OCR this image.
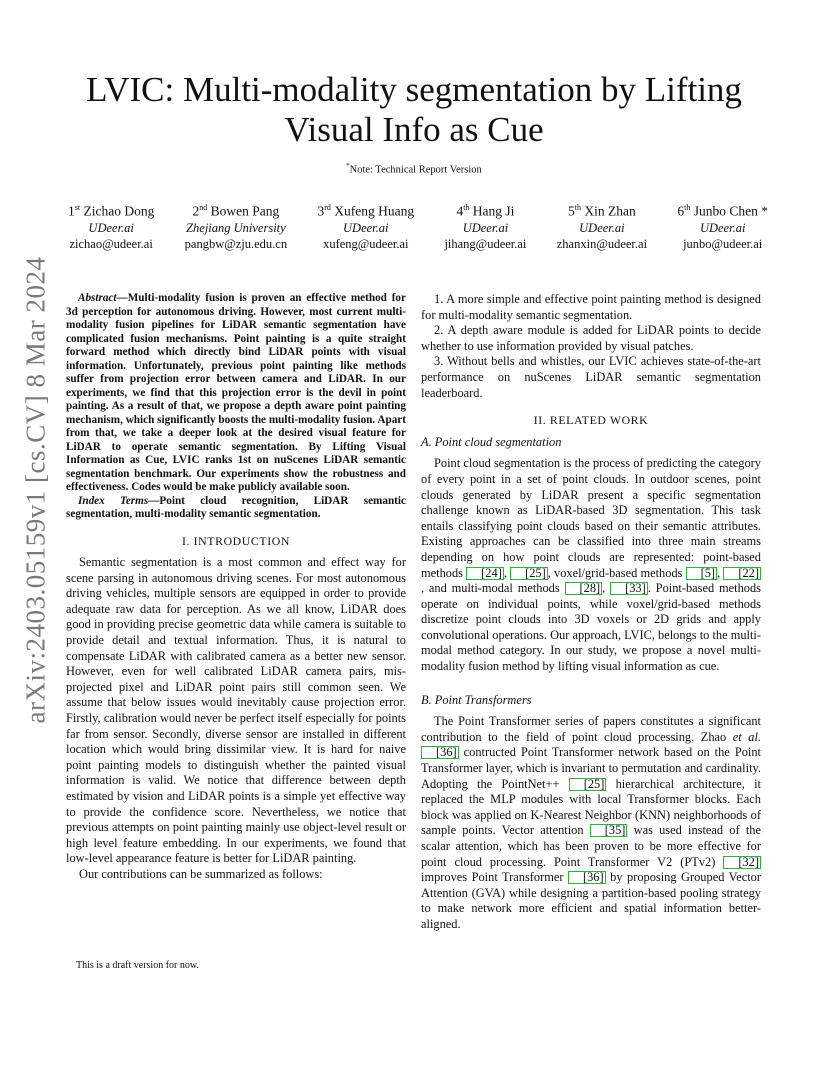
arXiv:2403.05159v1 [cs.CV] 8 Mar 2024
LVIC: Multi-modality segmentation by Lifting
Visual Info as Cue
*Note: Technical Report Version
1st Zichao Dong
UDeer.ai
zichao@udeer.ai
2nd Bowen Pang
Zhejiang University
pangbw@zju.edu.cn
3rd Xufeng Huang
UDeer.ai
xufeng@udeer.ai
4th Hang Ji
UDeer.ai
jihang@udeer.ai
5th Xin Zhan
UDeer.ai
zhanxin@udeer.ai
6th Junbo Chen *
UDeer.ai
junbo@udeer.ai

Abstract—Multi-modality fusion is proven an effective method for 3d perception for autonomous driving. However, most current multi-modality fusion pipelines for LiDAR semantic segmentation have complicated fusion mechanisms. Point painting is a quite straight forward method which directly bind LiDAR points with visual information. Unfortunately, previous point painting like methods suffer from projection error between camera and LiDAR. In our experiments, we find that this projection error is the devil in point painting. As a result of that, we propose a depth aware point painting mechanism, which significantly boosts the multi-modality fusion. Apart from that, we take a deeper look at the desired visual feature for LiDAR to operate semantic segmentation. By Lifting Visual Information as Cue, LVIC ranks 1st on nuScenes LiDAR semantic segmentation benchmark. Our experiments show the robustness and effectiveness. Codes would be make publicly available soon.

Index Terms—Point cloud recognition, LiDAR semantic segmentation, multi-modality semantic segmentation.

I. INTRODUCTION

Semantic segmentation is a most common and effect way for scene parsing in autonomous driving scenes. For most autonomous driving vehicles, multiple sensors are equipped in order to provide adequate raw data for perception. As we all know, LiDAR does good in providing precise geometric data while camera is suitable to provide detail and textual information. Thus, it is natural to compensate LiDAR with calibrated camera as a better new sensor. However, even for well calibrated LiDAR camera pairs, mis-projected pixel and LiDAR point pairs still common seen. We assume that below issues would inevitably cause projection error. Firstly, calibration would never be perfect itself especially for points far from sensor. Secondly, diverse sensor are installed in different location which would bring dissimilar view. It is hard for naive point painting models to distinguish whether the painted visual information is valid. We notice that difference between depth estimated by vision and LiDAR points is a simple yet effective way to provide the confidence score. Nevertheless, we notice that previous attempts on point painting mainly use object-level result or high level feature embedding. In our experiments, we found that low-level appearance feature is better for LiDAR painting.

Our contributions can be summarized as follows:

This is a draft version for now.

1. A more simple and effective point painting method is designed for multi-modality semantic segmentation.

2. A depth aware module is added for LiDAR points to decide whether to use information provided by visual patches.

3. Without bells and whistles, our LVIC achieves state-of-the-art performance on nuScenes LiDAR semantic segmentation leaderboard.

II. RELATED WORK
A. Point cloud segmentation

Point cloud segmentation is the process of predicting the category of every point in a set of point clouds. In outdoor scenes, point clouds generated by LiDAR present a specific segmentation challenge known as LiDAR-based 3D segmentation. This task entails classifying point clouds based on their semantic attributes. Existing approaches can be classified into three main streams depending on how point clouds are represented: point-based methods [24] , [25] , voxel/grid-based methods [5] , [22], and multi-modal methods [28] , [33] . Point-based methods operate on individual points, while voxel/grid-based methods discretize point clouds into 3D voxels or 2D grids and apply convolutional operations. Our approach, LVIC, belongs to the multi-modal method category. In our study, we propose a novel multi-modality fusion method by lifting visual information as cue.

B. Point Transformers

The Point Transformer series of papers constitutes a significant contribution to the field of point cloud processing. Zhao et al. [36] contructed Point Transformer network based on the Point Transformer layer, which is invariant to permutation and cardinality. Adopting the PointNet++ [25] hierarchical architecture, it replaced the MLP modules with local Transformer blocks. Each block was applied on K-Nearest Neighbor (KNN) neighborhoods of sample points. Vector attention [35] was used instead of the scalar attention, which has been proven to be more effective for point cloud processing. Point Transformer V2 (PTv2) [32] improves Point Transformer [36] by proposing Grouped Vector Attention (GVA) while designing a partition-based pooling strategy to make network more efficient and spatial information better-aligned.
